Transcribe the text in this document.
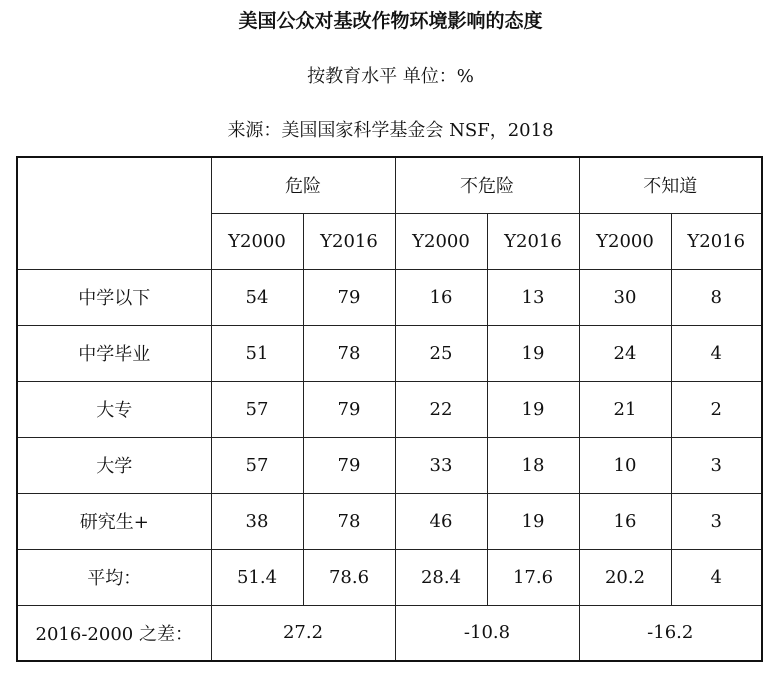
美国公众对基改作物环境影响的态度
按教育水平 单位：%
来源：美国国家科学基金会 NSF，2018
	危险		不危险		不知道	
	Y2000	Y2016	Y2000	Y2016	Y2000	Y2016
中学以下	54	79	16	13	30	8
中学毕业	51	78	25	19	24	4
大专	57	79	22	19	21	2
大学	57	79	33	18	10	3
研究生+	38	78	46	19	16	3
平均：	51.4	78.6	28.4	17.6	20.2	4
2016-2000 之差：	27.2		-10.8		-16.2	
